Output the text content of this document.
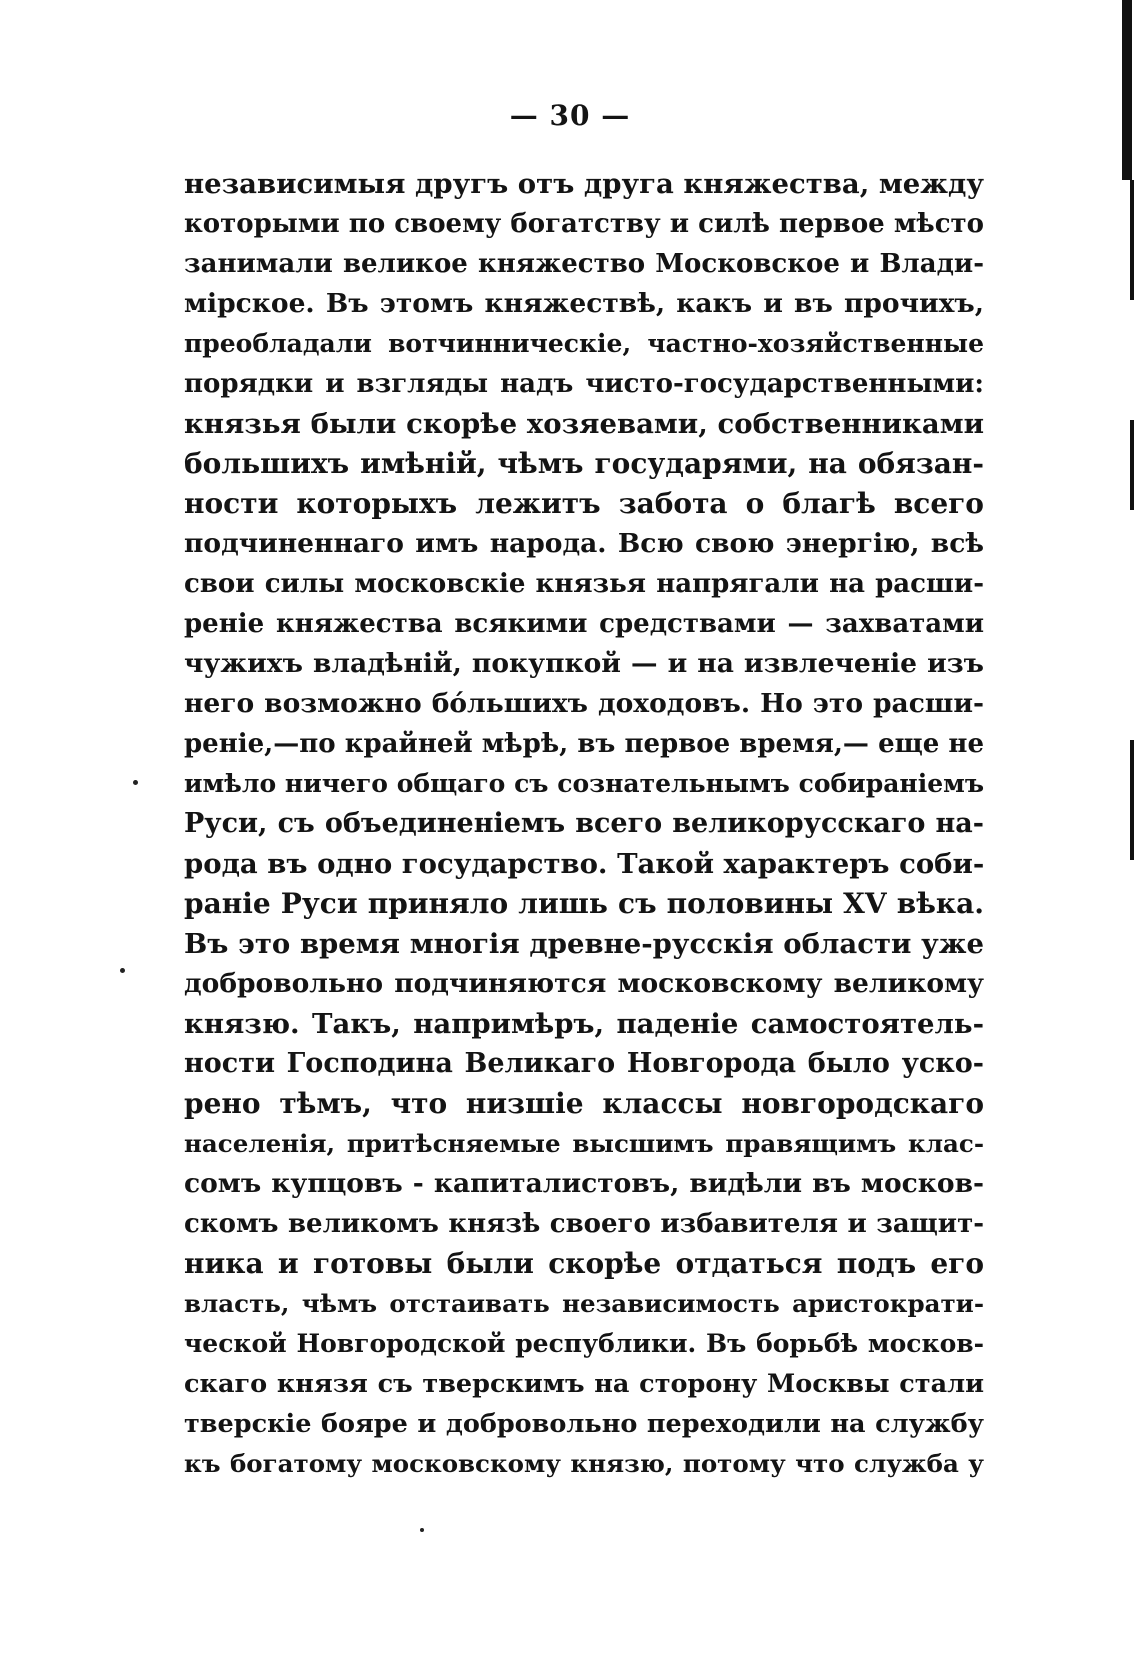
— 30 —
независимыя другъ отъ друга княжества, между
которыми по своему богатству и силѣ первое мѣсто
занимали великое княжество Московское и Влади-
мірское. Въ этомъ княжествѣ, какъ и въ прочихъ,
преобладали вотчинническіе, частно-хозяйственные
порядки и взгляды надъ чисто-государственными:
князья были скорѣе хозяевами, собственниками
большихъ имѣній, чѣмъ государями, на обязан-
ности которыхъ лежитъ забота о благѣ всего
подчиненнаго имъ народа. Всю свою энергію, всѣ
свои силы московскіе князья напрягали на расши-
реніе княжества всякими средствами — захватами
чужихъ владѣній, покупкой — и на извлеченіе изъ
него возможно бо́льшихъ доходовъ. Но это расши-
реніе,—по крайней мѣрѣ, въ первое время,— еще не
имѣло ничего общаго съ сознательнымъ собираніемъ
Руси, съ объединеніемъ всего великорусскаго на-
рода въ одно государство. Такой характеръ соби-
раніе Руси приняло лишь съ половины XV вѣка.
Въ это время многія древне-русскія области уже
добровольно подчиняются московскому великому
князю. Такъ, напримѣръ, паденіе самостоятель-
ности Господина Великаго Новгорода было уско-
рено тѣмъ, что низшіе классы новгородскаго
населенія, притѣсняемые высшимъ правящимъ клас-
сомъ купцовъ - капиталистовъ, видѣли въ москов-
скомъ великомъ князѣ своего избавителя и защит-
ника и готовы были скорѣе отдаться подъ его
власть, чѣмъ отстаивать независимость аристократи-
ческой Новгородской республики. Въ борьбѣ москов-
скаго князя съ тверскимъ на сторону Москвы стали
тверскіе бояре и добровольно переходили на службу
къ богатому московскому князю, потому что служба у
